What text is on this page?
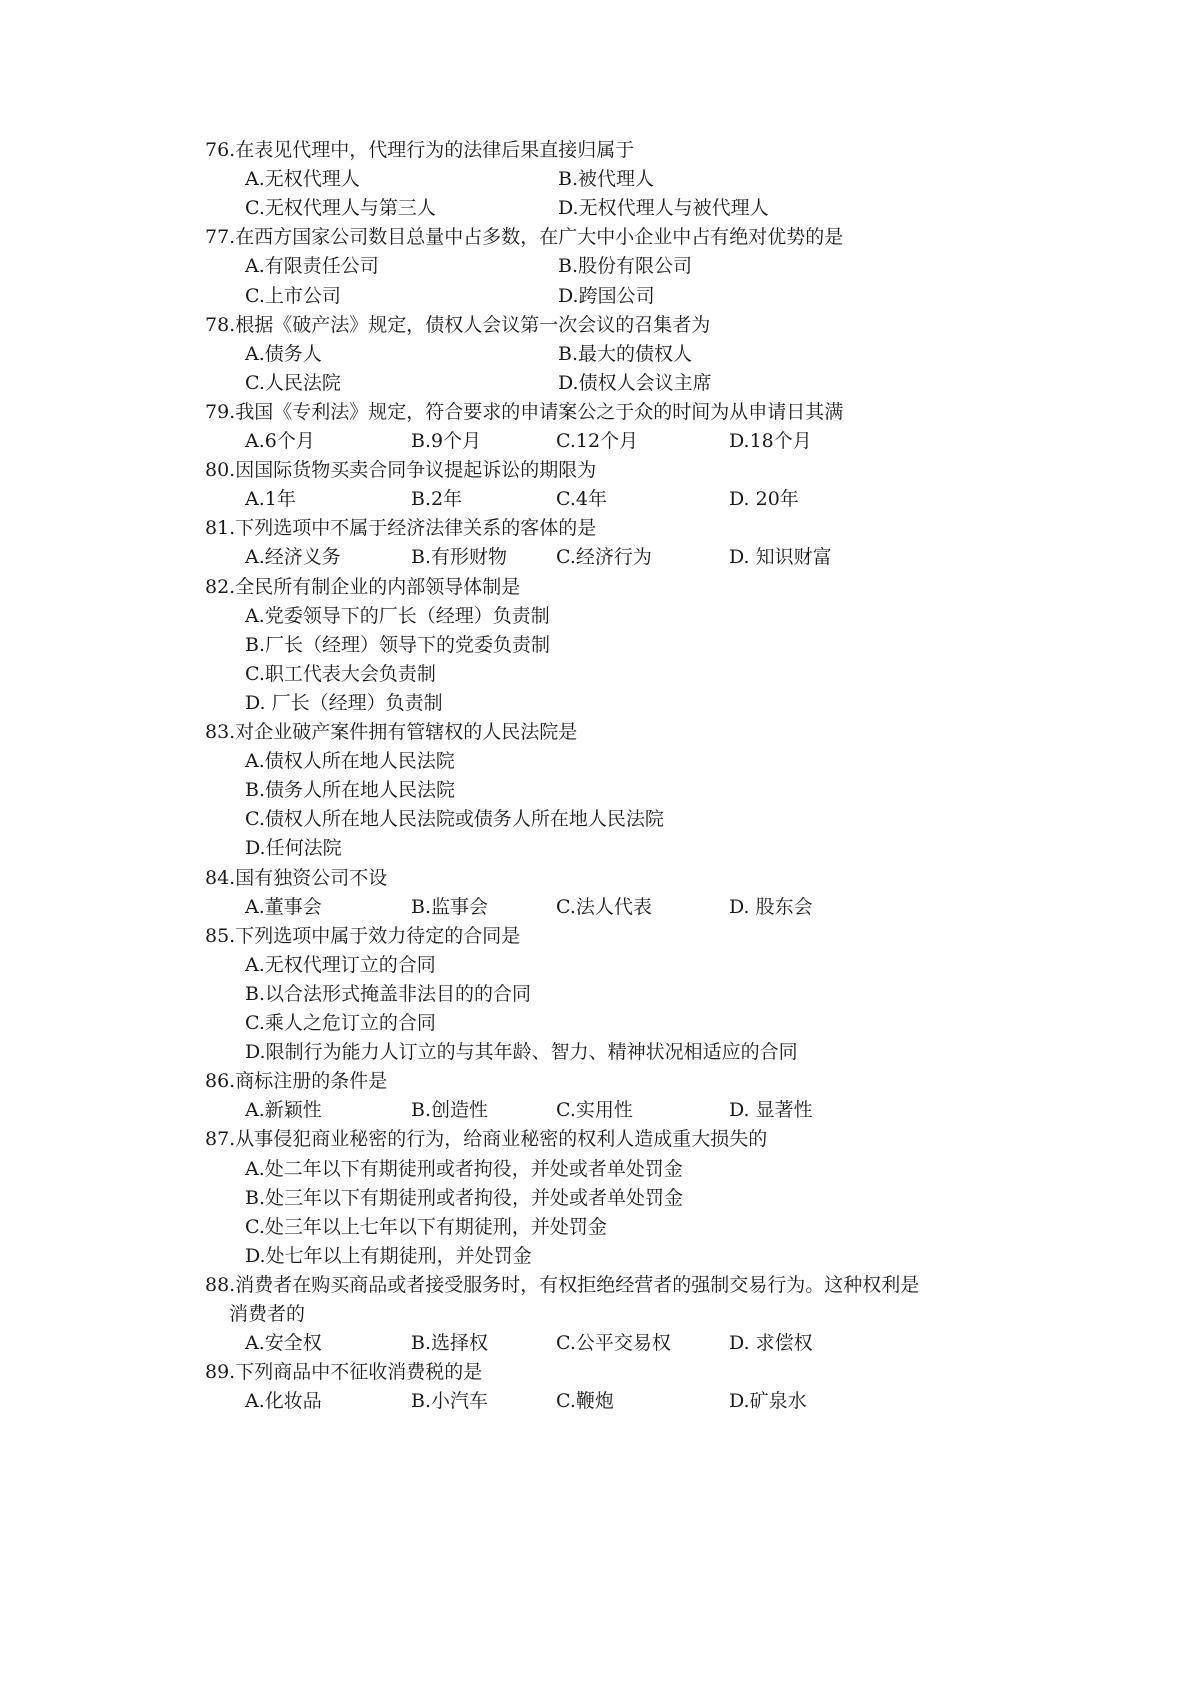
76.在表见代理中，代理行为的法律后果直接归属于
A.无权代理人	B.被代理人
C.无权代理人与第三人	D.无权代理人与被代理人
77.在西方国家公司数目总量中占多数，在广大中小企业中占有绝对优势的是
A.有限责任公司	B.股份有限公司
C.上市公司	D.跨国公司
78.根据《破产法》规定，债权人会议第一次会议的召集者为
A.债务人	B.最大的债权人
C.人民法院	D.债权人会议主席
79.我国《专利法》规定，符合要求的申请案公之于众的时间为从申请日其满
A.6个月	B.9个月	C.12个月	D.18个月
80.因国际货物买卖合同争议提起诉讼的期限为
A.1年	B.2年	C.4年	D. 20年
81.下列选项中不属于经济法律关系的客体的是
A.经济义务	B.有形财物	C.经济行为	D. 知识财富
82.全民所有制企业的内部领导体制是
A.党委领导下的厂长（经理）负责制
B.厂长（经理）领导下的党委负责制
C.职工代表大会负责制
D. 厂长（经理）负责制
83.对企业破产案件拥有管辖权的人民法院是
A.债权人所在地人民法院
B.债务人所在地人民法院
C.债权人所在地人民法院或债务人所在地人民法院
D.任何法院
84.国有独资公司不设
A.董事会	B.监事会	C.法人代表	D. 股东会
85.下列选项中属于效力待定的合同是
A.无权代理订立的合同
B.以合法形式掩盖非法目的的合同
C.乘人之危订立的合同
D.限制行为能力人订立的与其年龄、智力、精神状况相适应的合同
86.商标注册的条件是
A.新颖性	B.创造性	C.实用性	D. 显著性
87.从事侵犯商业秘密的行为，给商业秘密的权利人造成重大损失的
A.处二年以下有期徒刑或者拘役，并处或者单处罚金
B.处三年以下有期徒刑或者拘役，并处或者单处罚金
C.处三年以上七年以下有期徒刑，并处罚金
D.处七年以上有期徒刑，并处罚金
88.消费者在购买商品或者接受服务时，有权拒绝经营者的强制交易行为。这种权利是
消费者的
A.安全权	B.选择权	C.公平交易权	D. 求偿权
89.下列商品中不征收消费税的是
A.化妆品	B.小汽车	C.鞭炮	D.矿泉水
